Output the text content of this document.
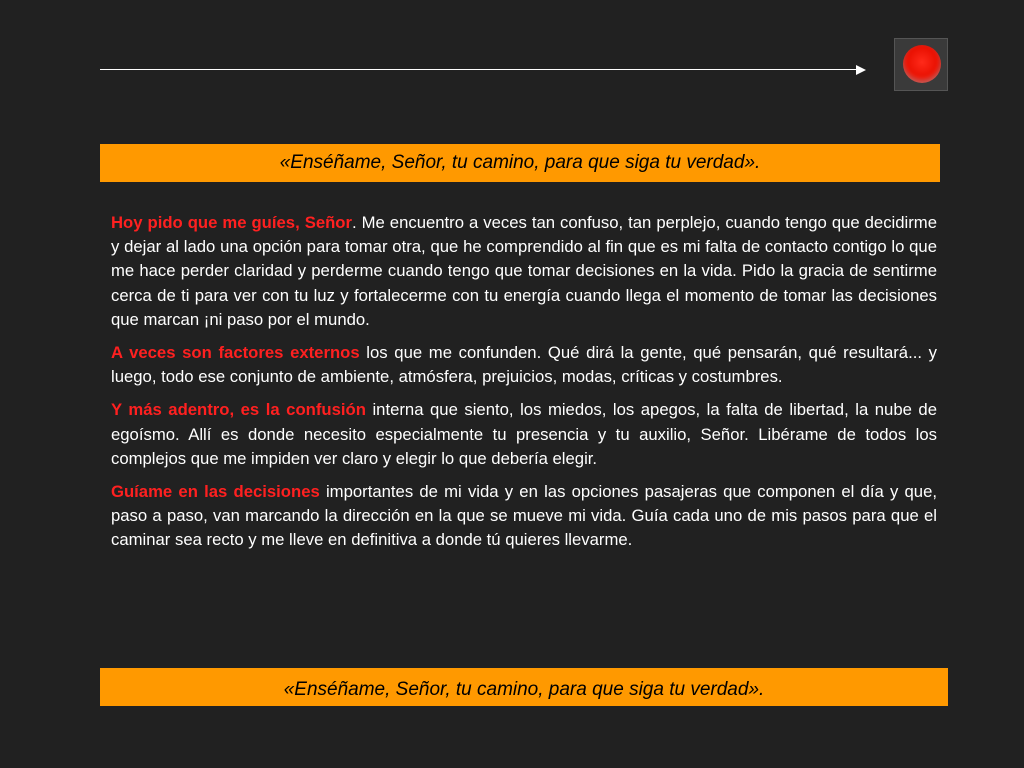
«Enséñame, Señor, tu camino, para que siga tu verdad».

Hoy pido que me guíes, Señor. Me encuentro a veces tan confuso, tan perplejo, cuando tengo que decidirme y dejar al lado una opción para tomar otra, que he comprendido al fin que es mi falta de contacto contigo lo que me hace perder claridad y perderme cuando tengo que tomar decisiones en la vida. Pido la gracia de sentirme cerca de ti para ver con tu luz y fortalecerme con tu energía cuando llega el momento de tomar las decisiones que marcan ¡ni paso por el mundo.

A veces son factores externos los que me confunden. Qué dirá la gente, qué pensarán, qué resultará... y luego, todo ese conjunto de ambiente, atmósfera, prejuicios, modas, críticas y costumbres.

Y más adentro, es la confusión interna que siento, los miedos, los apegos, la falta de libertad, la nube de egoísmo. Allí es donde necesito especialmente tu presencia y tu auxilio, Señor. Libérame de todos los complejos que me impiden ver claro y elegir lo que debería elegir.

Guíame en las decisiones importantes de mi vida y en las opciones pasajeras que componen el día y que, paso a paso, van marcando la dirección en la que se mueve mi vida. Guía cada uno de mis pasos para que el caminar sea recto y me lleve en definitiva a donde tú quieres llevarme.

«Enséñame, Señor, tu camino, para que siga tu verdad».
